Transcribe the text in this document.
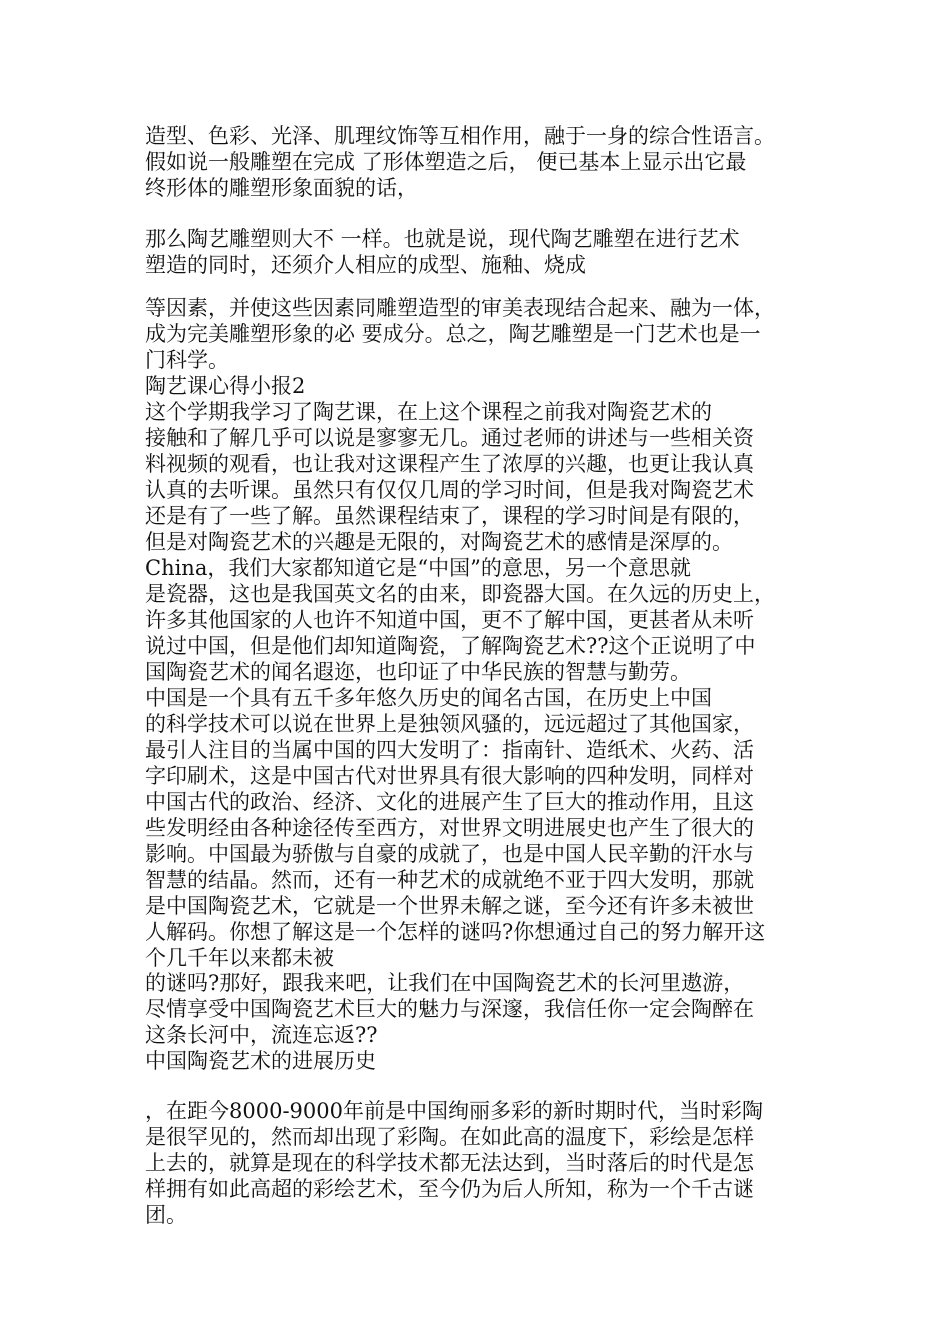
造型、色彩、光泽、肌理纹饰等互相作用，融于一身的综合性语言。
假如说一般雕塑在完成 了形体塑造之后， 便已基本上显示出它最
终形体的雕塑形象面貌的话，
那么陶艺雕塑则大不 一样。也就是说，现代陶艺雕塑在进行艺术
塑造的同时，还须介人相应的成型、施釉、烧成
等因素，并使这些因素同雕塑造型的审美表现结合起来、融为一体，
成为完美雕塑形象的必 要成分。总之，陶艺雕塑是一门艺术也是一
门科学。
陶艺课心得小报2
这个学期我学习了陶艺课，在上这个课程之前我对陶瓷艺术的
接触和了解几乎可以说是寥寥无几。通过老师的讲述与一些相关资
料视频的观看，也让我对这课程产生了浓厚的兴趣，也更让我认真
认真的去听课。虽然只有仅仅几周的学习时间，但是我对陶瓷艺术
还是有了一些了解。虽然课程结束了，课程的学习时间是有限的，
但是对陶瓷艺术的兴趣是无限的，对陶瓷艺术的感情是深厚的。
China，我们大家都知道它是“中国”的意思，另一个意思就
是瓷器，这也是我国英文名的由来，即瓷器大国。在久远的历史上，
许多其他国家的人也许不知道中国，更不了解中国，更甚者从未听
说过中国，但是他们却知道陶瓷，了解陶瓷艺术??这个正说明了中
国陶瓷艺术的闻名遐迩，也印证了中华民族的智慧与勤劳。
中国是一个具有五千多年悠久历史的闻名古国，在历史上中国
的科学技术可以说在世界上是独领风骚的，远远超过了其他国家，
最引人注目的当属中国的四大发明了：指南针、造纸术、火药、活
字印刷术，这是中国古代对世界具有很大影响的四种发明，同样对
中国古代的政治、经济、文化的进展产生了巨大的推动作用，且这
些发明经由各种途径传至西方，对世界文明进展史也产生了很大的
影响。中国最为骄傲与自豪的成就了，也是中国人民辛勤的汗水与
智慧的结晶。然而，还有一种艺术的成就绝不亚于四大发明，那就
是中国陶瓷艺术，它就是一个世界未解之谜，至今还有许多未被世
人解码。你想了解这是一个怎样的谜吗?你想通过自己的努力解开这
个几千年以来都未被
的谜吗?那好，跟我来吧，让我们在中国陶瓷艺术的长河里遨游，
尽情享受中国陶瓷艺术巨大的魅力与深邃，我信任你一定会陶醉在
这条长河中，流连忘返??
中国陶瓷艺术的进展历史
，在距今8000-9000年前是中国绚丽多彩的新时期时代，当时彩陶
是很罕见的，然而却出现了彩陶。在如此高的温度下，彩绘是怎样
上去的，就算是现在的科学技术都无法达到，当时落后的时代是怎
样拥有如此高超的彩绘艺术，至今仍为后人所知，称为一个千古谜
团。
